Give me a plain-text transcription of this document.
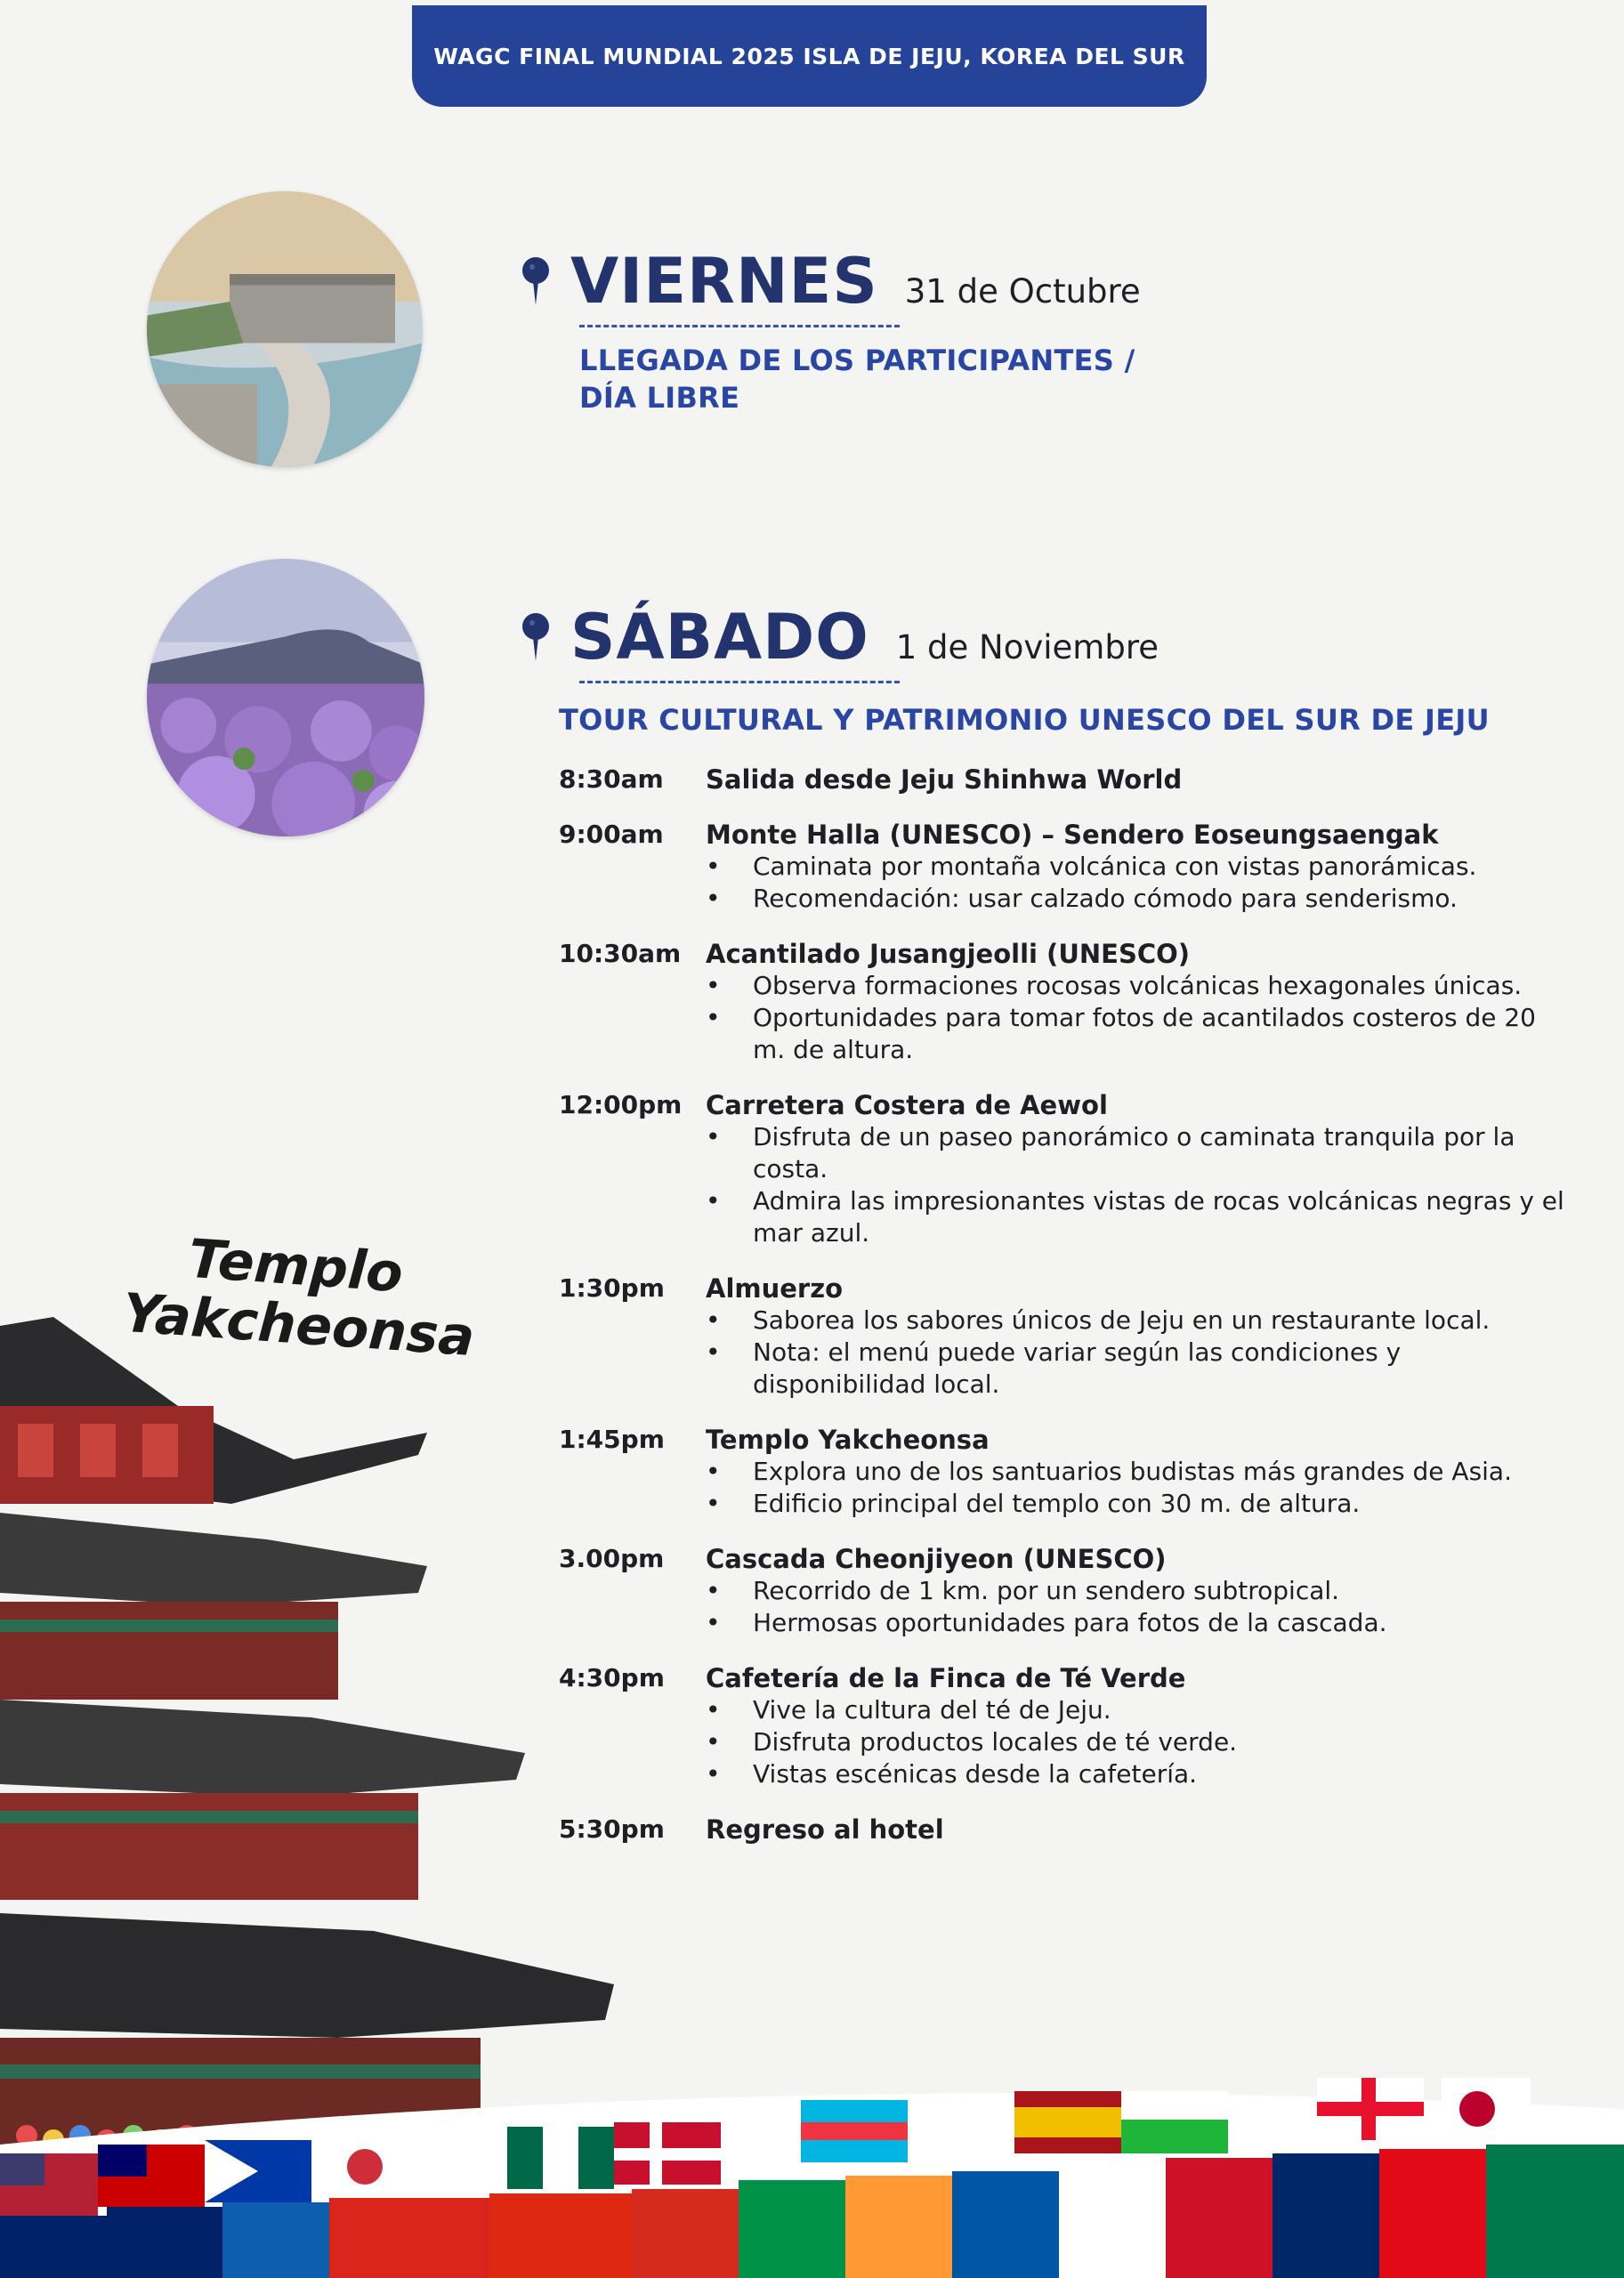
WAGC FINAL MUNDIAL 2025 ISLA DE JEJU, KOREA DEL SUR
VIERNES 31 de Octubre
LLEGADA DE LOS PARTICIPANTES /
DÍA LIBRE
SÁBADO 1 de Noviembre
TOUR CULTURAL Y PATRIMONIO UNESCO DEL SUR DE JEJU
8:30am	Salida desde Jeju Shinhwa World
9:00am	Monte Halla (UNESCO) – Sendero Eoseungsaengak
• Caminata por montaña volcánica con vistas panorámicas.
• Recomendación: usar calzado cómodo para senderismo.
10:30am Acantilado Jusangjeolli (UNESCO)
• Observa formaciones rocosas volcánicas hexagonales únicas.
• Oportunidades para tomar fotos de acantilados costeros de 20 m. de altura.
12:00pm Carretera Costera de Aewol
• Disfruta de un paseo panorámico o caminata tranquila por la costa.
• Admira las impresionantes vistas de rocas volcánicas negras y el mar azul.
1:30pm	Almuerzo
• Saborea los sabores únicos de Jeju en un restaurante local.
• Nota: el menú puede variar según las condiciones y disponibilidad local.
1:45pm	Templo Yakcheonsa
• Explora uno de los santuarios budistas más grandes de Asia.
• Edificio principal del templo con 30 m. de altura.
3.00pm	Cascada Cheonjiyeon (UNESCO)
• Recorrido de 1 km. por un sendero subtropical.
• Hermosas oportunidades para fotos de la cascada.
4:30pm	Cafetería de la Finca de Té Verde
• Vive la cultura del té de Jeju.
• Disfruta productos locales de té verde.
• Vistas escénicas desde la cafetería.
5:30pm	Regreso al hotel
Templo
Yakcheonsa
